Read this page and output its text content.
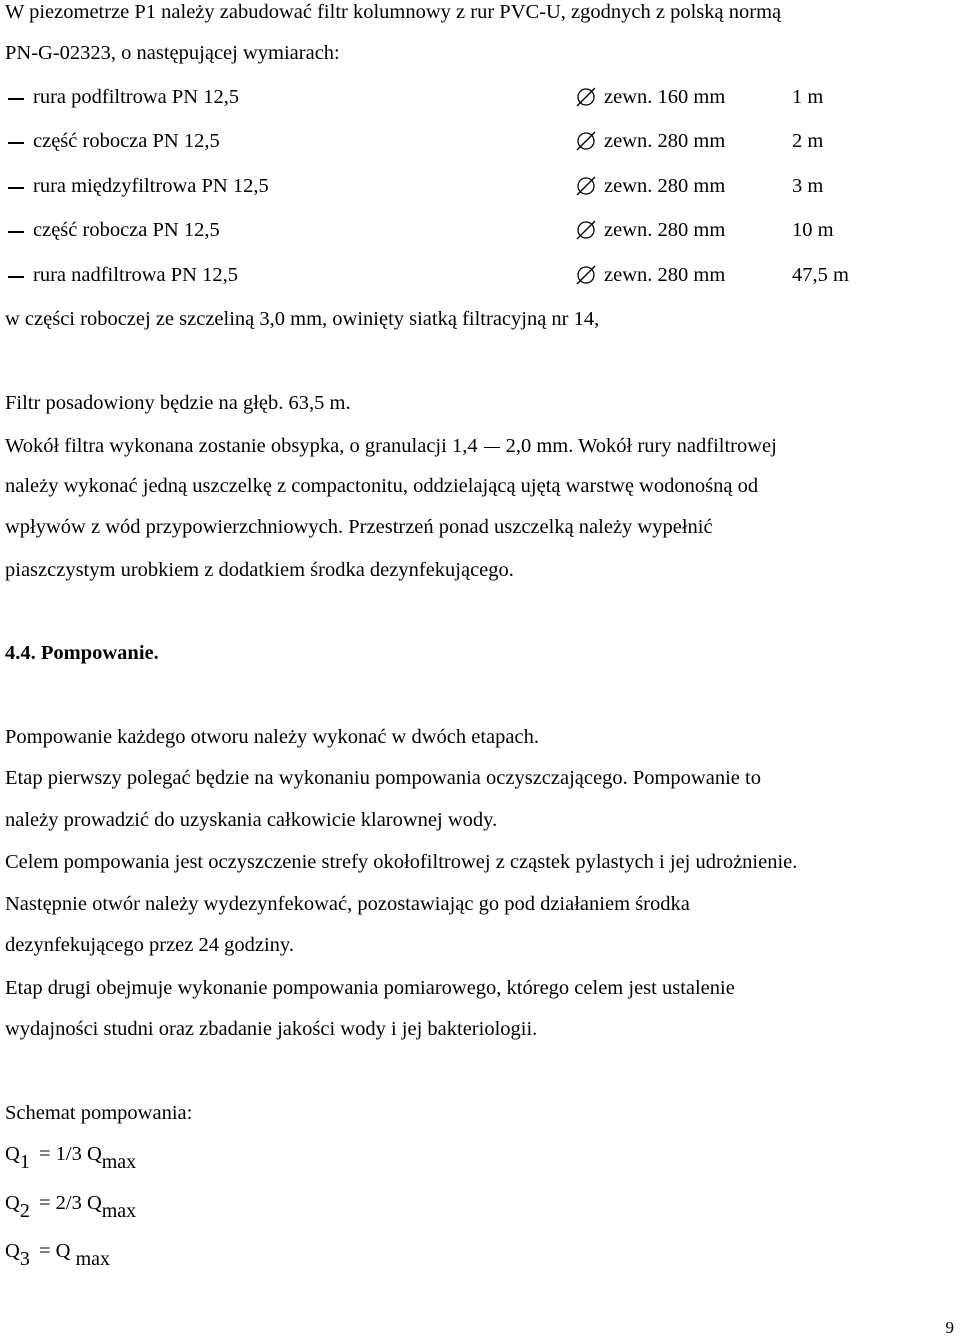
W piezometrze P1 należy zabudować filtr kolumnowy z rur PVC-U, zgodnych z polską normą
PN-G-02323, o następującej wymiarach:
rura podfiltrowa PN 12,5	zewn. 160 mm	1 m
część robocza PN 12,5	zewn. 280 mm	2 m
rura międzyfiltrowa PN 12,5	zewn. 280 mm	3 m
część robocza PN 12,5	zewn. 280 mm	10 m
rura nadfiltrowa PN 12,5	zewn. 280 mm	47,5 m
w części roboczej ze szczeliną 3,0 mm, owinięty siatką filtracyjną nr 14,
Filtr posadowiony będzie na głęb. 63,5 m.
Wokół filtra wykonana zostanie obsypka, o granulacji 1,4 2,0 mm. Wokół rury nadfiltrowej
należy wykonać jedną uszczelkę z compactonitu, oddzielającą ujętą warstwę wodonośną od
wpływów z wód przypowierzchniowych. Przestrzeń ponad uszczelką należy wypełnić
piaszczystym urobkiem z dodatkiem środka dezynfekującego.
4.4. Pompowanie.
Pompowanie każdego otworu należy wykonać w dwóch etapach.
Etap pierwszy polegać będzie na wykonaniu pompowania oczyszczającego. Pompowanie to
należy prowadzić do uzyskania całkowicie klarownej wody.
Celem pompowania jest oczyszczenie strefy okołofiltrowej z cząstek pylastych i jej udrożnienie.
Następnie otwór należy wydezynfekować, pozostawiając go pod działaniem środka
dezynfekującego przez 24 godziny.
Etap drugi obejmuje wykonanie pompowania pomiarowego, którego celem jest ustalenie
wydajności studni oraz zbadanie jakości wody i jej bakteriologii.
Schemat pompowania:
Q1 = 1/3 Qmax
Q2 = 2/3 Qmax
Q3 = Q max
9
